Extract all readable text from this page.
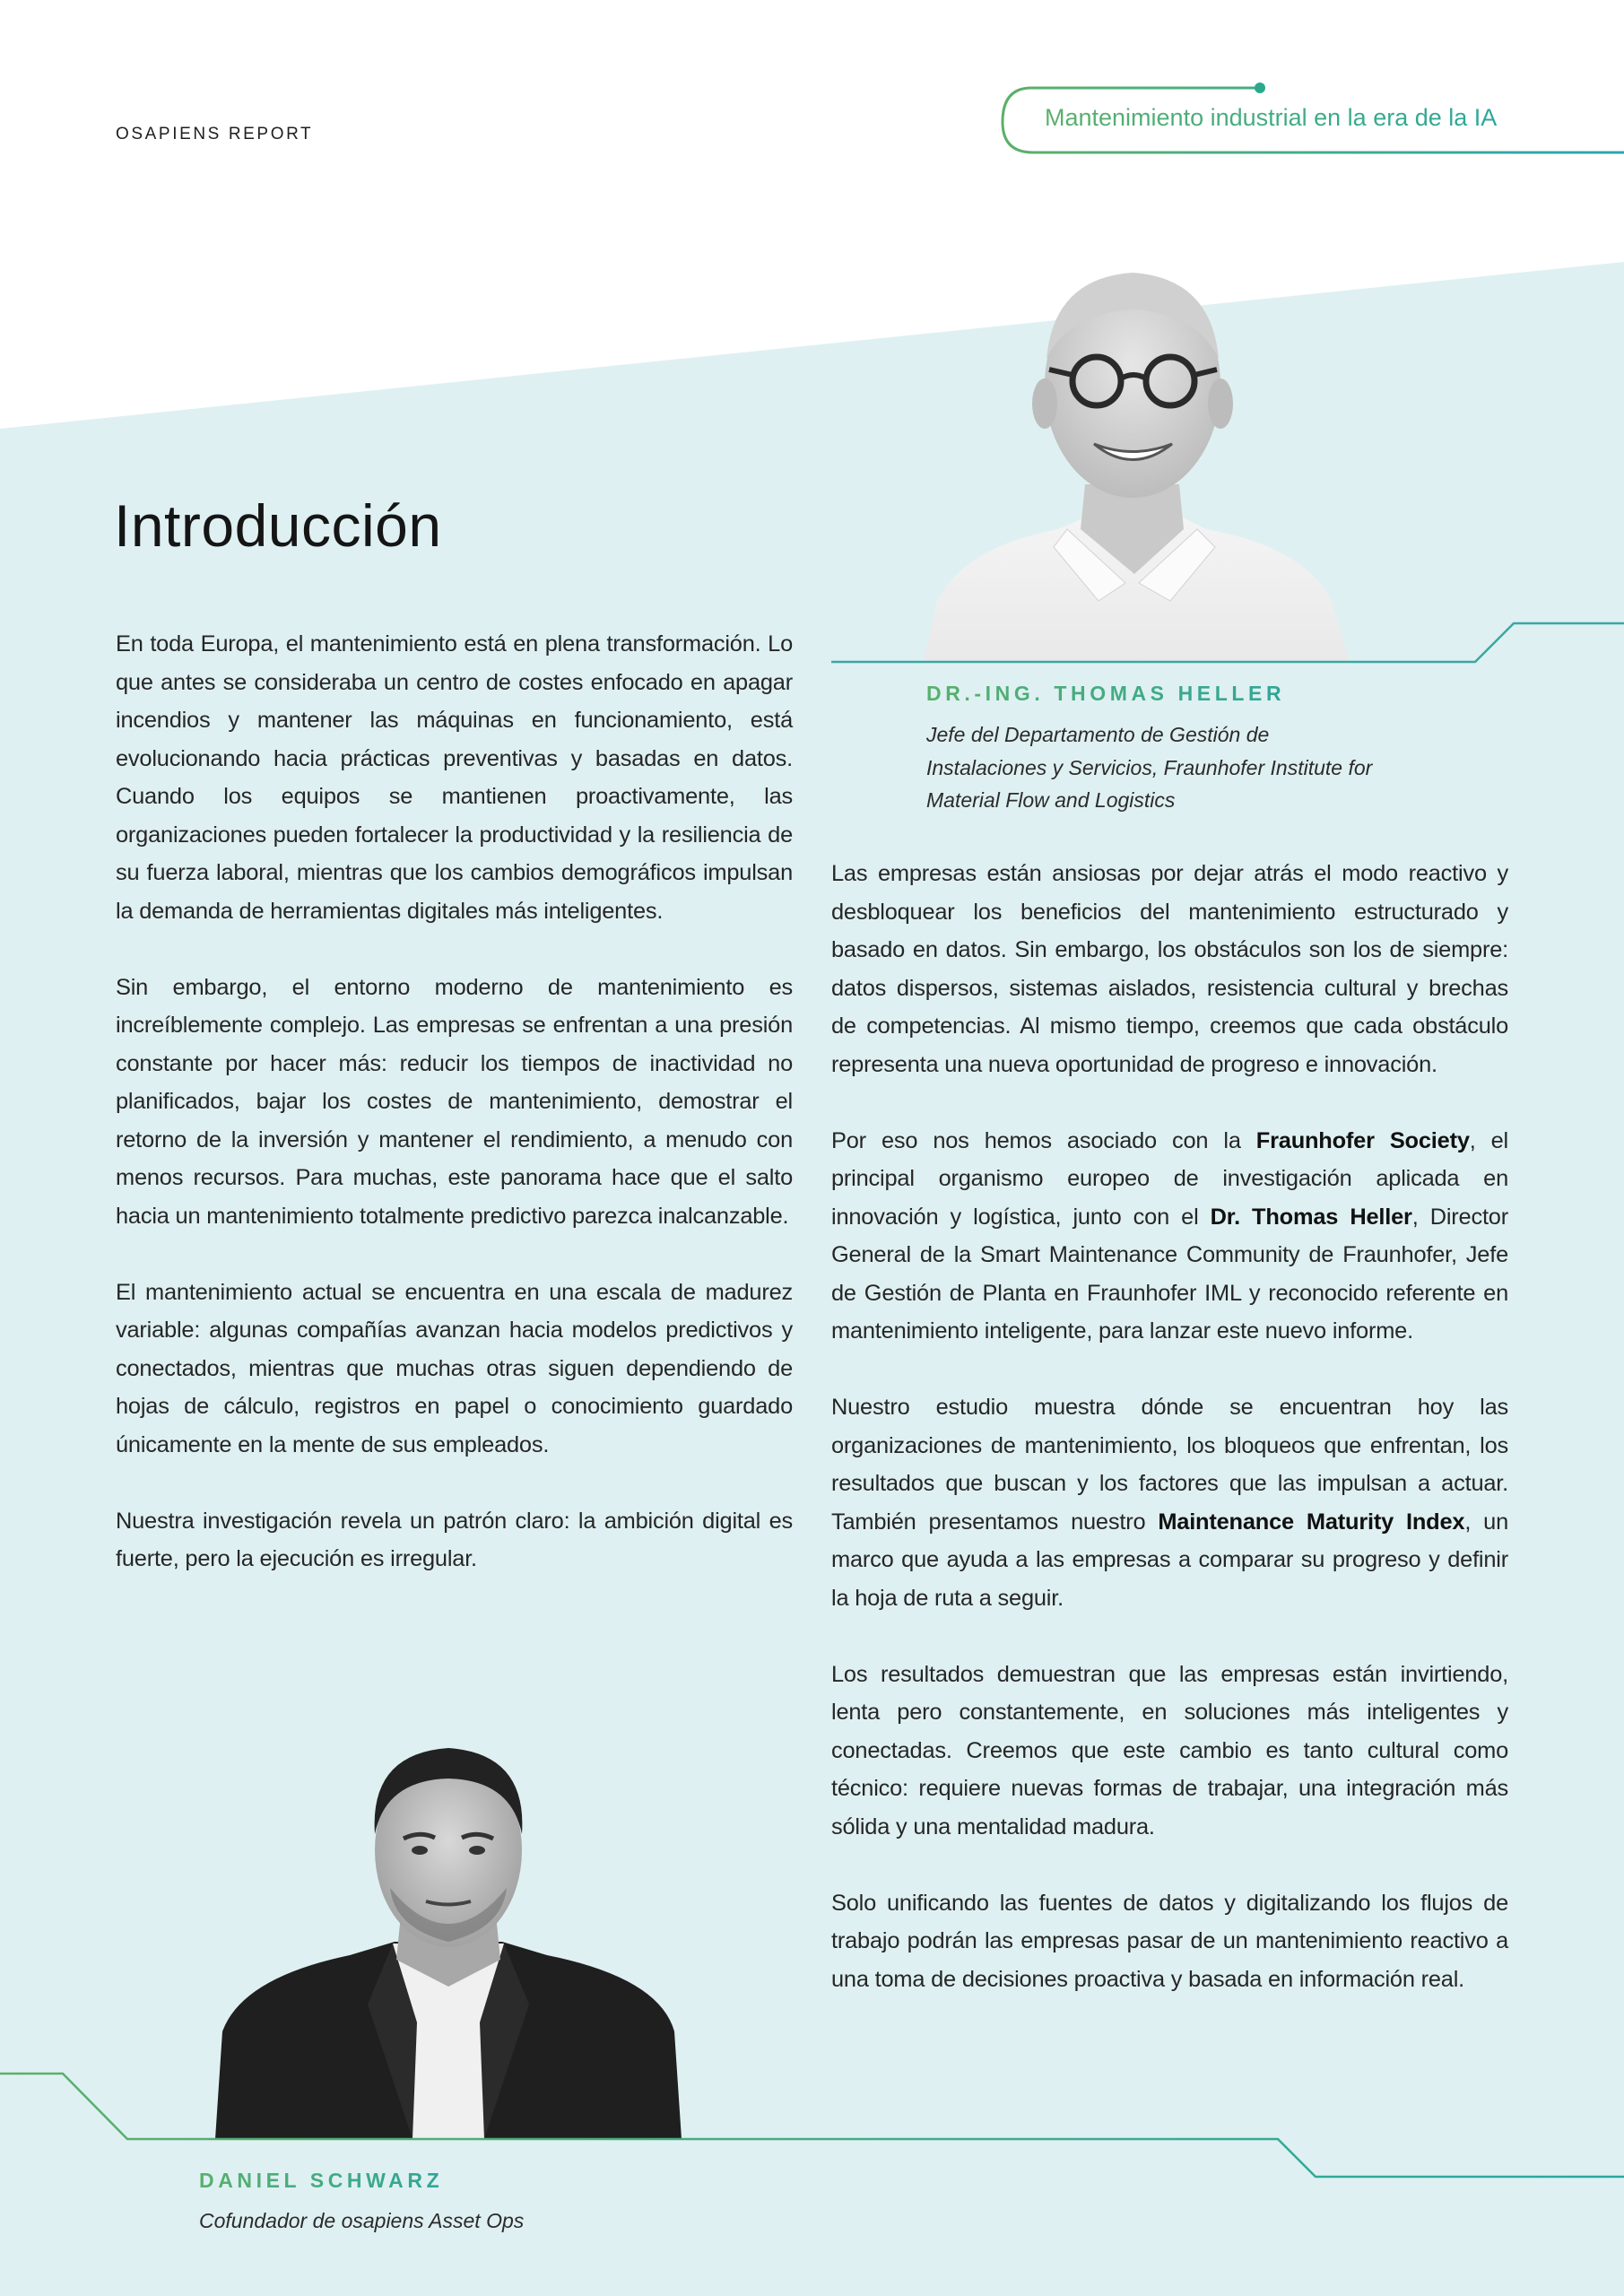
OSAPIENS REPORT
Mantenimiento industrial en la era de la IA
Introducción

En toda Europa, el mantenimiento está en plena transformación. Lo que antes se consideraba un centro de costes enfocado en apagar incendios y mantener las máquinas en funcionamiento, está evolucionando hacia prácticas preventivas y basadas en datos. Cuando los equipos se mantienen proactivamente, las organizaciones pueden fortalecer la productividad y la resiliencia de su fuerza laboral, mientras que los cambios demográficos impulsan la demanda de herramientas digitales más inteligentes.

Sin embargo, el entorno moderno de mantenimiento es increíblemente complejo. Las empresas se enfrentan a una presión constante por hacer más: reducir los tiempos de inactividad no planificados, bajar los costes de mantenimiento, demostrar el retorno de la inversión y mantener el rendimiento, a menudo con menos recursos. Para muchas, este panorama hace que el salto hacia un mantenimiento totalmente predictivo parezca inalcanzable.

El mantenimiento actual se encuentra en una escala de madurez variable: algunas compañías avanzan hacia modelos predictivos y conectados, mientras que muchas otras siguen dependiendo de hojas de cálculo, registros en papel o conocimiento guardado únicamente en la mente de sus empleados.

Nuestra investigación revela un patrón claro: la ambición digital es fuerte, pero la ejecución es irregular.

DR.-ING. THOMAS HELLER
Jefe del Departamento de Gestión de Instalaciones y Servicios, Fraunhofer Institute for Material Flow and Logistics

Las empresas están ansiosas por dejar atrás el modo reactivo y desbloquear los beneficios del mantenimiento estructurado y basado en datos. Sin embargo, los obstáculos son los de siempre: datos dispersos, sistemas aislados, resistencia cultural y brechas de competencias. Al mismo tiempo, creemos que cada obstáculo representa una nueva oportunidad de progreso e innovación.

Por eso nos hemos asociado con la Fraunhofer Society, el principal organismo europeo de investigación aplicada en innovación y logística, junto con el Dr. Thomas Heller, Director General de la Smart Maintenance Community de Fraunhofer, Jefe de Gestión de Planta en Fraunhofer IML y reconocido referente en mantenimiento inteligente, para lanzar este nuevo informe.

Nuestro estudio muestra dónde se encuentran hoy las organizaciones de mantenimiento, los bloqueos que enfrentan, los resultados que buscan y los factores que las impulsan a actuar. También presentamos nuestro Maintenance Maturity Index, un marco que ayuda a las empresas a comparar su progreso y definir la hoja de ruta a seguir.

Los resultados demuestran que las empresas están invirtiendo, lenta pero constantemente, en soluciones más inteligentes y conectadas. Creemos que este cambio es tanto cultural como técnico: requiere nuevas formas de trabajar, una integración más sólida y una mentalidad madura.

Solo unificando las fuentes de datos y digitalizando los flujos de trabajo podrán las empresas pasar de un mantenimiento reactivo a una toma de decisiones proactiva y basada en información real.

DANIEL SCHWARZ
Cofundador de osapiens Asset Ops
